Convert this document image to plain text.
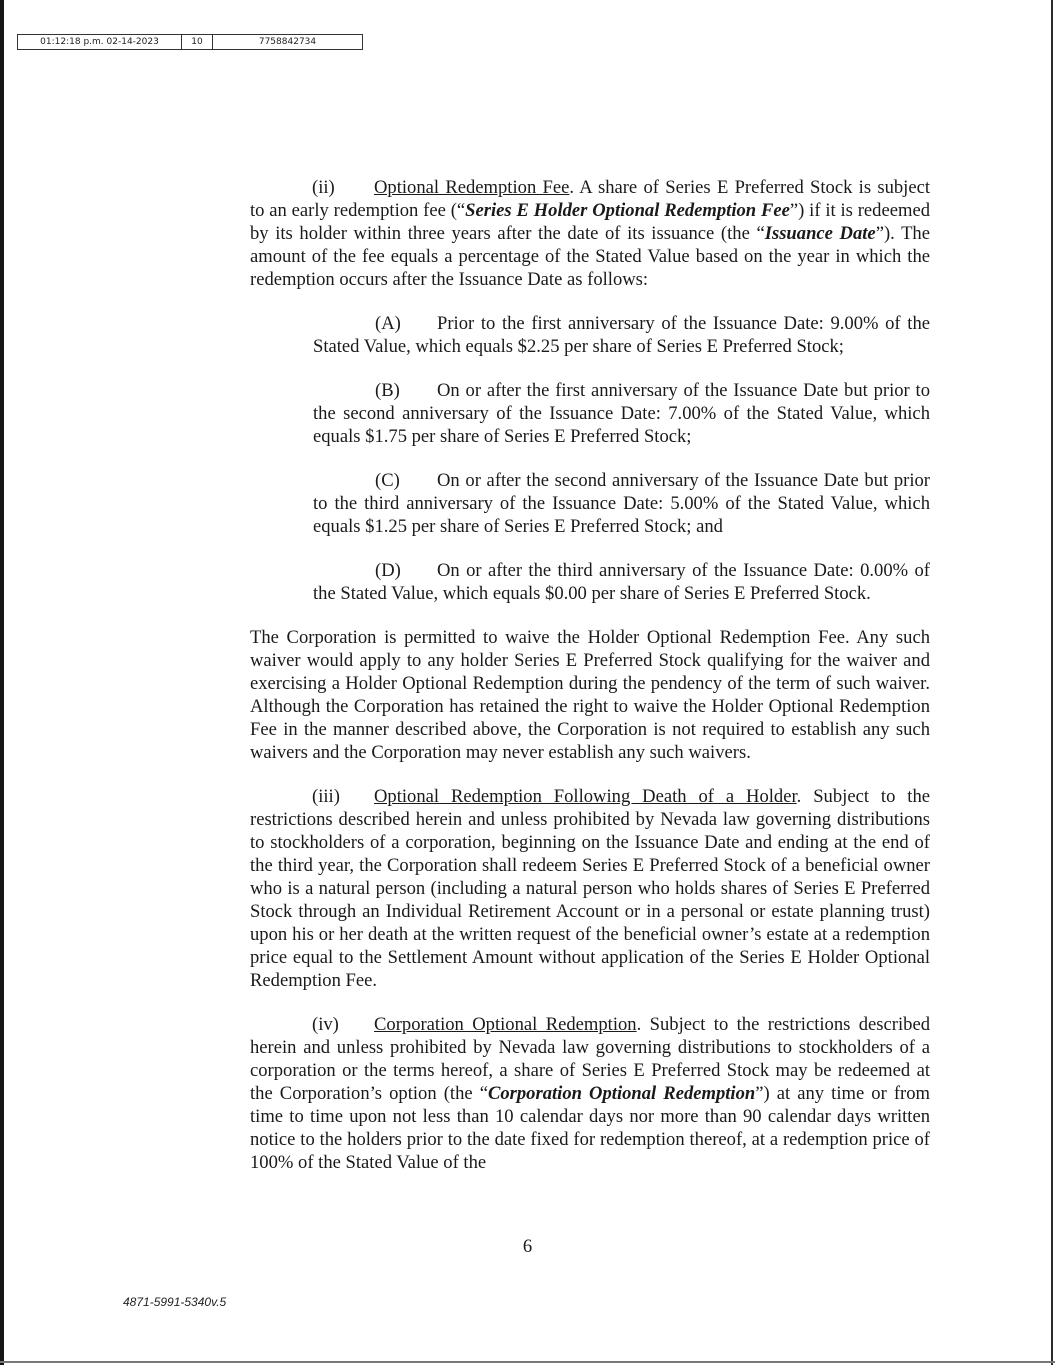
01:12:18 p.m. 02-14-2023	10	7758842734

(ii) Optional Redemption Fee. A share of Series E Preferred Stock is subject to an early redemption fee (“Series E Holder Optional Redemption Fee”) if it is redeemed by its holder within three years after the date of its issuance (the “Issuance Date”). The amount of the fee equals a percentage of the Stated Value based on the year in which the redemption occurs after the Issuance Date as follows:

(A) Prior to the first anniversary of the Issuance Date: 9.00% of the Stated Value, which equals $2.25 per share of Series E Preferred Stock;

(B) On or after the first anniversary of the Issuance Date but prior to the second anniversary of the Issuance Date: 7.00% of the Stated Value, which equals $1.75 per share of Series E Preferred Stock;

(C) On or after the second anniversary of the Issuance Date but prior to the third anniversary of the Issuance Date: 5.00% of the Stated Value, which equals $1.25 per share of Series E Preferred Stock; and

(D) On or after the third anniversary of the Issuance Date: 0.00% of the Stated Value, which equals $0.00 per share of Series E Preferred Stock.

The Corporation is permitted to waive the Holder Optional Redemption Fee. Any such waiver would apply to any holder Series E Preferred Stock qualifying for the waiver and exercising a Holder Optional Redemption during the pendency of the term of such waiver. Although the Corporation has retained the right to waive the Holder Optional Redemption Fee in the manner described above, the Corporation is not required to establish any such waivers and the Corporation may never establish any such waivers.

(iii) Optional Redemption Following Death of a Holder. Subject to the restrictions described herein and unless prohibited by Nevada law governing distributions to stockholders of a corporation, beginning on the Issuance Date and ending at the end of the third year, the Corporation shall redeem Series E Preferred Stock of a beneficial owner who is a natural person (including a natural person who holds shares of Series E Preferred Stock through an Individual Retirement Account or in a personal or estate planning trust) upon his or her death at the written request of the beneficial owner’s estate at a redemption price equal to the Settlement Amount without application of the Series E Holder Optional Redemption Fee.

(iv) Corporation Optional Redemption. Subject to the restrictions described herein and unless prohibited by Nevada law governing distributions to stockholders of a corporation or the terms hereof, a share of Series E Preferred Stock may be redeemed at the Corporation’s option (the “Corporation Optional Redemption”) at any time or from time to time upon not less than 10 calendar days nor more than 90 calendar days written notice to the holders prior to the date fixed for redemption thereof, at a redemption price of 100% of the Stated Value of the

6
4871-5991-5340v.5
